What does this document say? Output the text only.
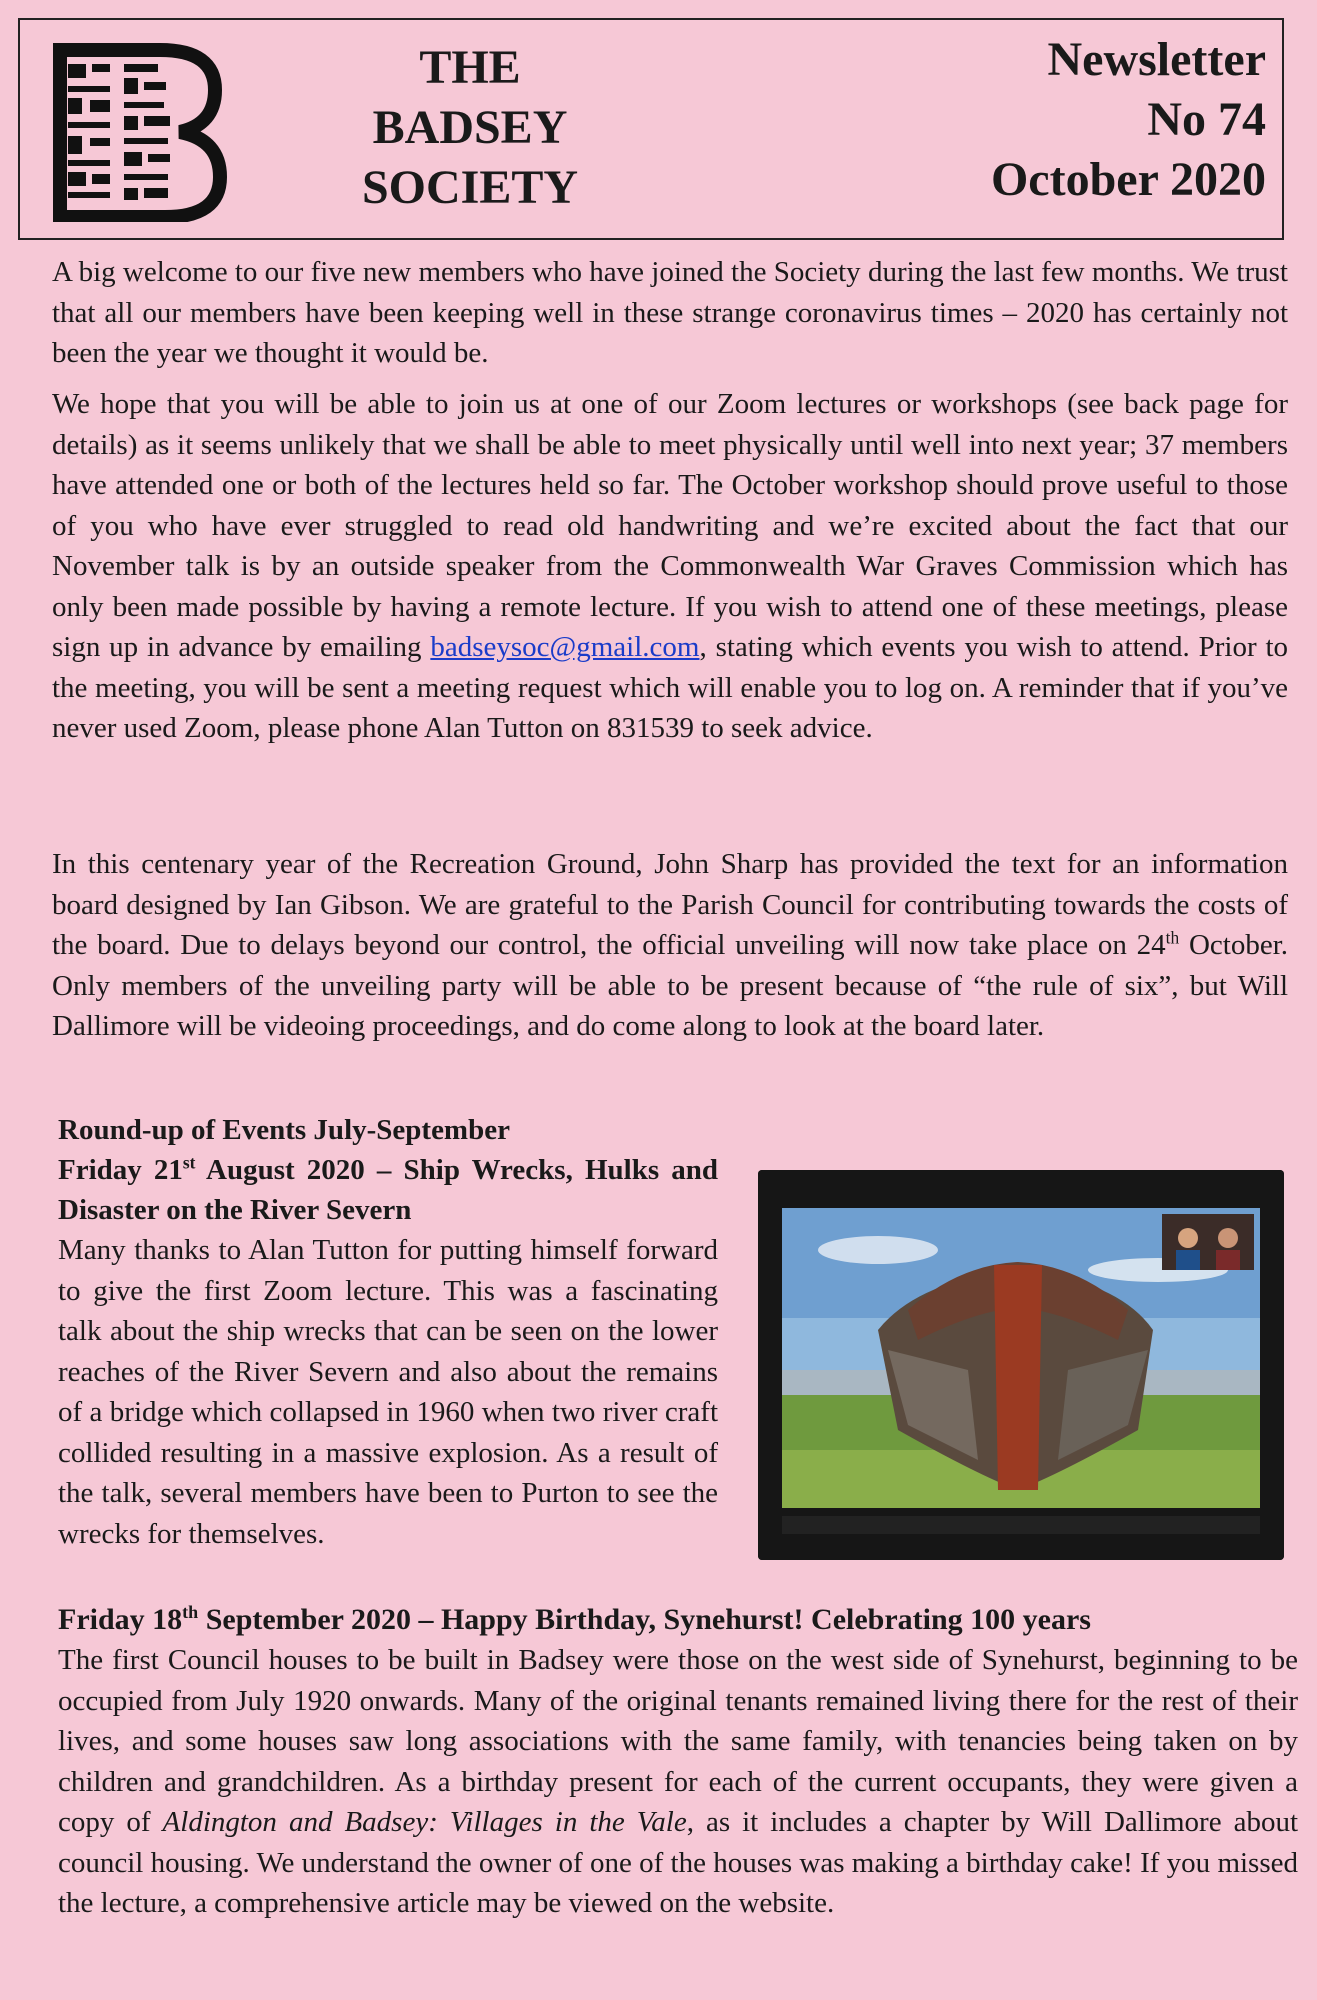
THE
BADSEY
SOCIETY
Newsletter
No 74
October 2020

A big welcome to our five new members who have joined the Society during the last few months. We trust that all our members have been keeping well in these strange coronavirus times – 2020 has certainly not been the year we thought it would be.

We hope that you will be able to join us at one of our Zoom lectures or workshops (see back page for details) as it seems unlikely that we shall be able to meet physically until well into next year; 37 members have attended one or both of the lectures held so far. The October workshop should prove useful to those of you who have ever struggled to read old handwriting and we’re excited about the fact that our November talk is by an outside speaker from the Commonwealth War Graves Commission which has only been made possible by having a remote lecture. If you wish to attend one of these meetings, please sign up in advance by emailing badseysoc@gmail.com, stating which events you wish to attend. Prior to the meeting, you will be sent a meeting request which will enable you to log on. A reminder that if you’ve never used Zoom, please phone Alan Tutton on 831539 to seek advice.

In this centenary year of the Recreation Ground, John Sharp has provided the text for an information board designed by Ian Gibson. We are grateful to the Parish Council for contributing towards the costs of the board. Due to delays beyond our control, the official unveiling will now take place on 24th October. Only members of the unveiling party will be able to be present because of “the rule of six”, but Will Dallimore will be videoing proceedings, and do come along to look at the board later.

Round-up of Events July-September
Friday 21st August 2020 – Ship Wrecks, Hulks and Disaster on the River Severn
Many thanks to Alan Tutton for putting himself forward to give the first Zoom lecture. This was a fascinating talk about the ship wrecks that can be seen on the lower reaches of the River Severn and also about the remains of a bridge which collapsed in 1960 when two river craft collided resulting in a massive explosion. As a result of the talk, several members have been to Purton to see the wrecks for themselves.
Friday 18th September 2020 – Happy Birthday, Synehurst! Celebrating 100 years
The first Council houses to be built in Badsey were those on the west side of Synehurst, beginning to be occupied from July 1920 onwards. Many of the original tenants remained living there for the rest of their lives, and some houses saw long associations with the same family, with tenancies being taken on by children and grandchildren. As a birthday present for each of the current occupants, they were given a copy of Aldington and Badsey: Villages in the Vale, as it includes a chapter by Will Dallimore about council housing. We understand the owner of one of the houses was making a birthday cake! If you missed the lecture, a comprehensive article may be viewed on the website.
